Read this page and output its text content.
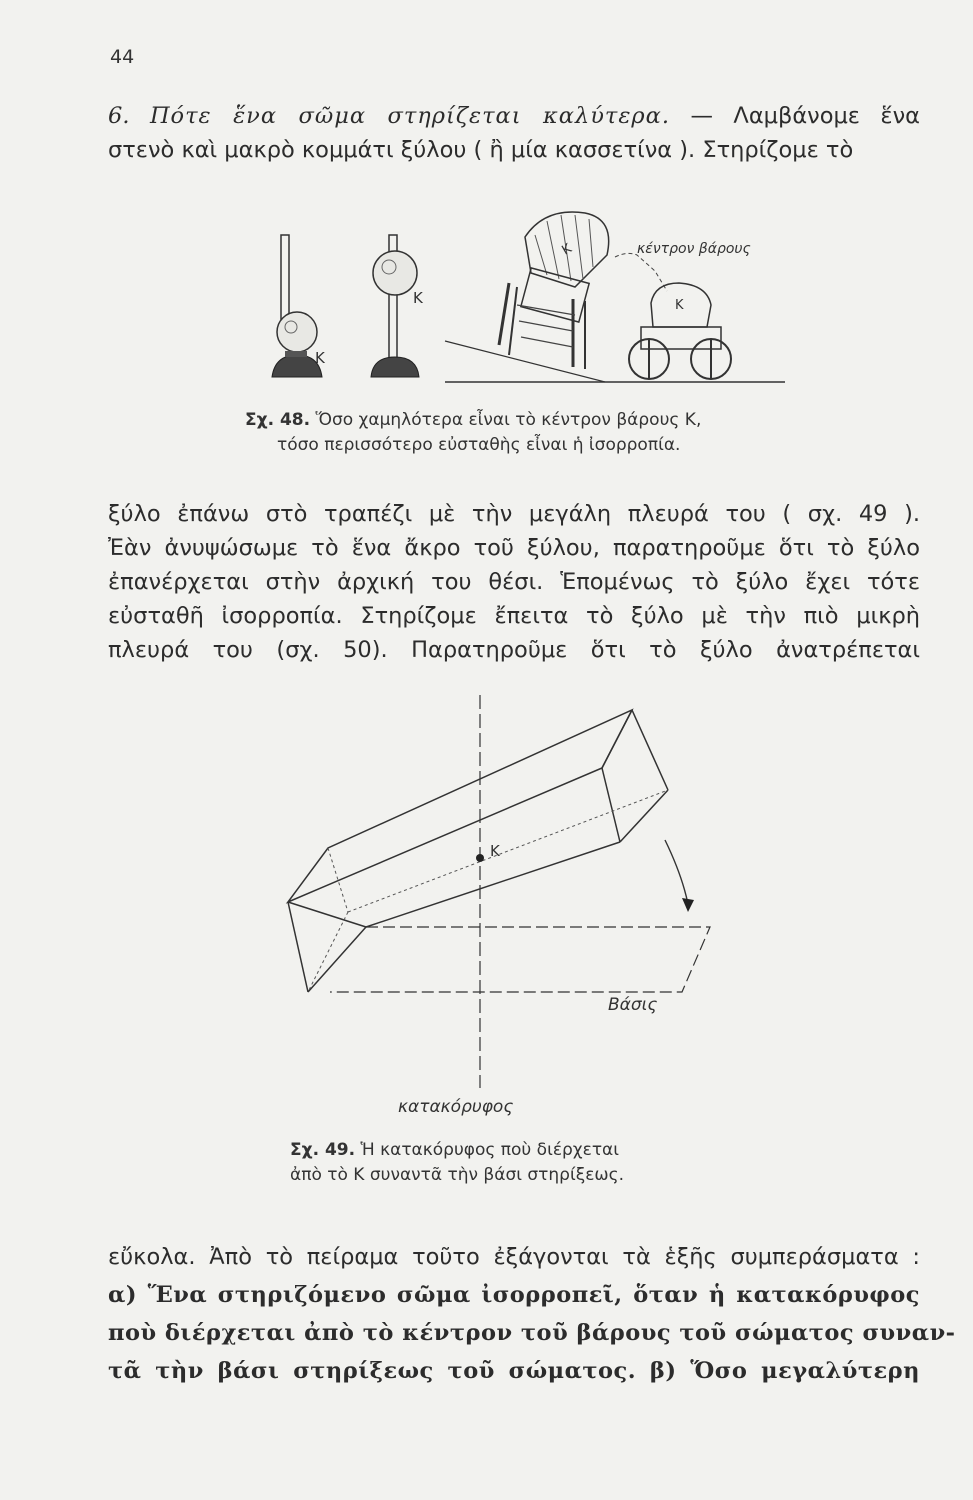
44
6. Πότε ἕνα σῶμα στηρίζεται καλύτερα. — Λαμβάνομε ἕνα
στενὸ καὶ μακρὸ κομμάτι ξύλου ( ἢ μία κασσετίνα ). Στηρίζομε τὸ
Κ
Κ
Κ
Κ
κέντρον βάρους
Σχ. 48. Ὅσο χαμηλότερα εἶναι τὸ κέντρον βάρους Κ,
τόσο περισσότερο εὐσταθὴς εἶναι ἡ ἰσορροπία.
ξύλο ἐπάνω στὸ τραπέζι μὲ τὴν μεγάλη πλευρά του ( σχ. 49 ).
Ἐὰν ἀνυψώσωμε τὸ ἕνα ἄκρο τοῦ ξύλου, παρατηροῦμε ὅτι τὸ ξύλο
ἐπανέρχεται στὴν ἀρχική του θέσι. Ἑπομένως τὸ ξύλο ἔχει τότε
εὐσταθῆ ἰσορροπία. Στηρίζομε ἔπειτα τὸ ξύλο μὲ τὴν πιὸ μικρὴ
πλευρά του (σχ. 50). Παρατηροῦμε ὅτι τὸ ξύλο ἀνατρέπεται
Κ
Βάσις
κατακόρυφος
Σχ. 49. Ἡ κατακόρυφος ποὺ διέρχεται
ἀπὸ τὸ Κ συναντᾶ τὴν βάσι στηρίξεως.
εὔκολα. Ἀπὸ τὸ πείραμα τοῦτο ἐξάγονται τὰ ἑξῆς συμπεράσματα :
α) Ἕνα στηριζόμενο σῶμα ἰσορροπεῖ, ὅταν ἡ κατακόρυφος
ποὺ διέρχεται ἀπὸ τὸ κέντρον τοῦ βάρους τοῦ σώματος συναν-
τᾶ τὴν βάσι στηρίξεως τοῦ σώματος. β) Ὅσο μεγαλύτερη
